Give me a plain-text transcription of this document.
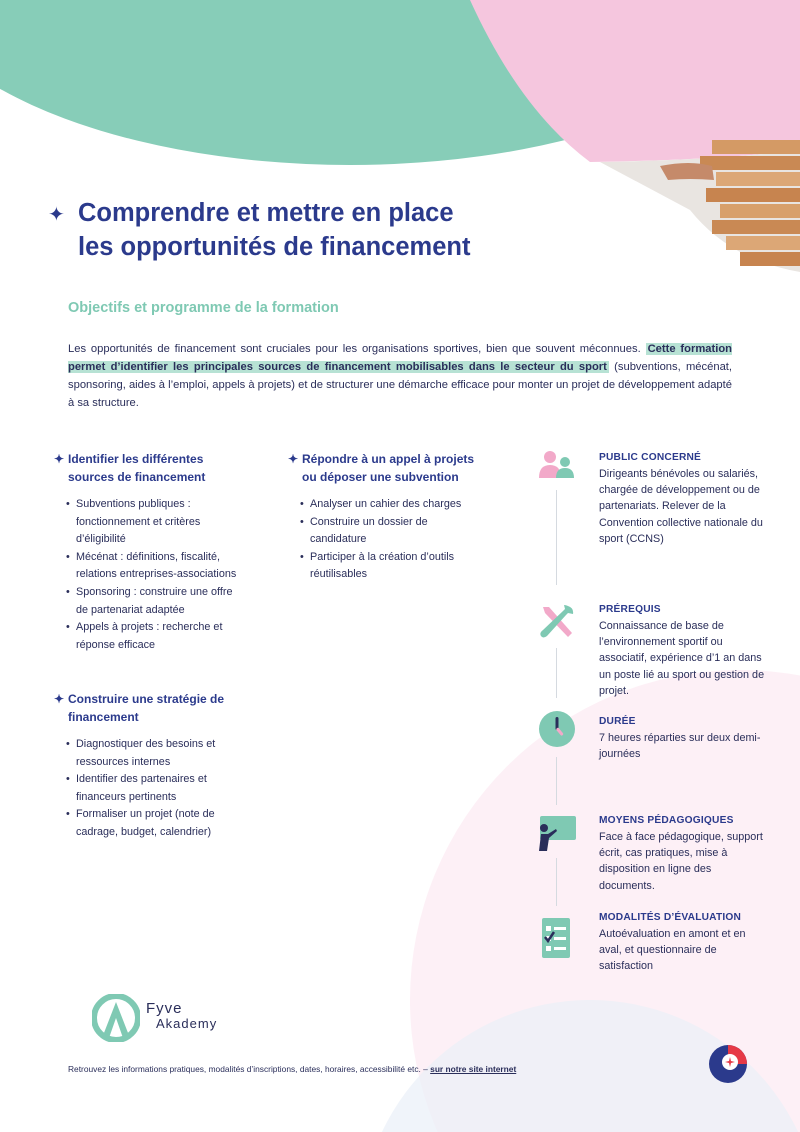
✦ Comprendre et mettre en place
les opportunités de financement
Objectifs et programme de la formation
Les opportunités de financement sont cruciales pour les organisations sportives, bien que souvent méconnues. Cette formation permet d’identifier les principales sources de financement mobilisables dans le secteur du sport (subventions, mécénat, sponsoring, aides à l’emploi, appels à projets) et de structurer une démarche efficace pour monter un projet de développement adapté à sa structure.
✦ Identifier les différentes
sources de financement
• Subventions publiques :
fonctionnement et critères
d’éligibilité
• Mécénat : définitions, fiscalité,
relations entreprises-associations
• Sponsoring : construire une offre
de partenariat adaptée
• Appels à projets : recherche et
réponse efficace
✦ Construire une stratégie de
financement
• Diagnostiquer des besoins et
ressources internes
• Identifier des partenaires et
financeurs pertinents
• Formaliser un projet (note de
cadrage, budget, calendrier)
✦ Répondre à un appel à projets
ou déposer une subvention
• Analyser un cahier des charges
• Construire un dossier de
candidature
• Participer à la création d’outils
réutilisables
PUBLIC CONCERNÉ
Dirigeants bénévoles ou salariés, chargée de développement ou de partenariats. Relever de la Convention collective nationale du sport (CCNS)
PRÉREQUIS
Connaissance de base de l’environnement sportif ou associatif, expérience d’1 an dans un poste lié au sport ou gestion de projet.
DURÉE
7 heures réparties sur deux demi-journées
MOYENS PÉDAGOGIQUES
Face à face pédagogique, support écrit, cas pratiques, mise à disposition en ligne des documents.
MODALITÉS D’ÉVALUATION
Autoévaluation en amont et en aval, et questionnaire de satisfaction
Fyve
Akademy
Retrouvez les informations pratiques, modalités d’inscriptions, dates, horaires, accessibilité etc. – sur notre site internet
